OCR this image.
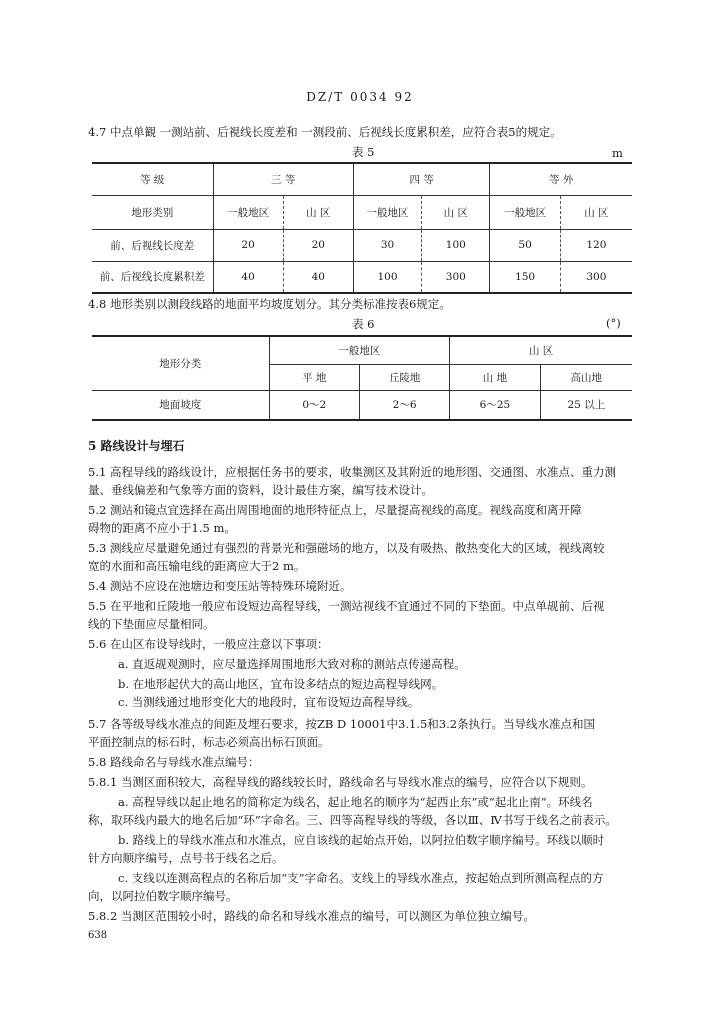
DZ/T 0034 92
4.7 中点单観 一测站前、后視线长度差和 一测段前、后视线长度累积差，应符合表5的规定。
表 5	m
等 级	三 等		四 等		等 外	
地形类别	一般地区	山 区	一般地区	山 区	一般地区	山 区
前、后视线长度差	20	20	30	100	50	120
前、后视线长度累积差	40	40	100	300	150	300
4.8 地形类别以测段线路的地面平均坡度划分。其分类标准按表6规定。
表 6	(°)
地形分类	一般地区		山 区	
	平 地	丘陵地	山 地	高山地
地面坡度	0～2	2～6	6～25	25 以上
5 路线设计与埋石
5.1 高程导线的路线设计，应根据任务书的要求，收集测区及其附近的地形图、交通图、水准点、重力测
量、垂线偏差和气象等方面的资料，设计最佳方案，编写技术设计。
5.2 测站和镜点宜选择在高出周围地面的地形特征点上，尽量提高视线的高度。视线高度和离开障
碍物的距离不应小于1.5 m。
5.3 测线应尽量避免通过有强烈的背景光和强磁场的地方，以及有吸热、散热变化大的区域，视线离较
宽的水面和高压输电线的距离应大于2 m。
5.4 测站不应设在池塘边和变压站等特殊环境附近。
5.5 在平地和丘陵地一般应布设短边高程导线，一测站视线不宜通过不同的下垫面。中点单觇前、后视
线的下垫面应尽量相同。
5.6 在山区布设导线时，一般应注意以下事项：
a. 直返觇观测时，应尽量选择周围地形大致对称的测站点传递高程。
b. 在地形起伏大的高山地区，宜布设多结点的短边高程导线网。
c. 当测线通过地形变化大的地段时，宜布设短边高程导线。
5.7 各等级导线水准点的间距及埋石要求，按ZB D 10001中3.1.5和3.2条执行。当导线水准点和国
平面控制点的标石时，标志必须高出标石顶面。
5.8 路线命名与导线水准点编号：
5.8.1 当测区面积较大，高程导线的路线较长时，路线命名与导线水准点的编号，应符合以下规则。
a. 高程导线以起止地名的简称定为线名，起止地名的顺序为“起西止东”或“起北止南”。环线名
称，取环线内最大的地名后加“环”字命名。三、四等高程导线的等级，各以Ⅲ、Ⅳ书写于线名之前表示。
b. 路线上的导线水准点和水准点，应自该线的起始点开始，以阿拉伯数字顺序编号。环线以顺时
针方向顺序编号，点号书于线名之后。
c. 支线以连测高程点的名称后加“支”字命名。支线上的导线水准点，按起始点到所测高程点的方
向，以阿拉伯数字顺序编号。
5.8.2 当测区范围较小时，路线的命名和导线水准点的编号，可以测区为单位独立编号。
638
